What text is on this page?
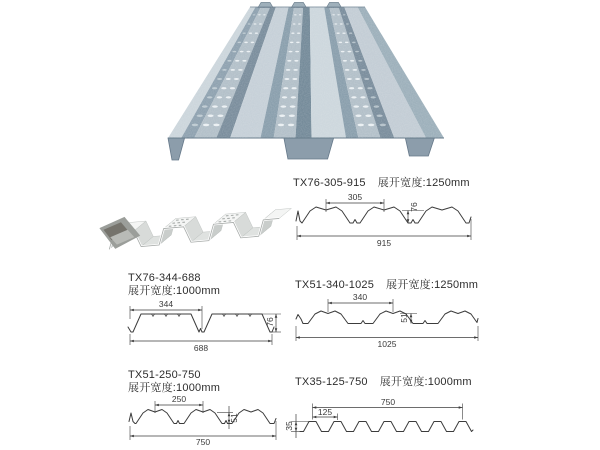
TX76-305-915 展开宽度:1250mm
TX76-344-688
展开宽度:1000mm	TX51-340-1025 展开宽度:1250mm
TX51-250-750
展开宽度:1000mm	TX35-125-750 展开宽度:1000mm
305
76
915
344
76
688
340
51
1025
250
51
750
125
35
750
